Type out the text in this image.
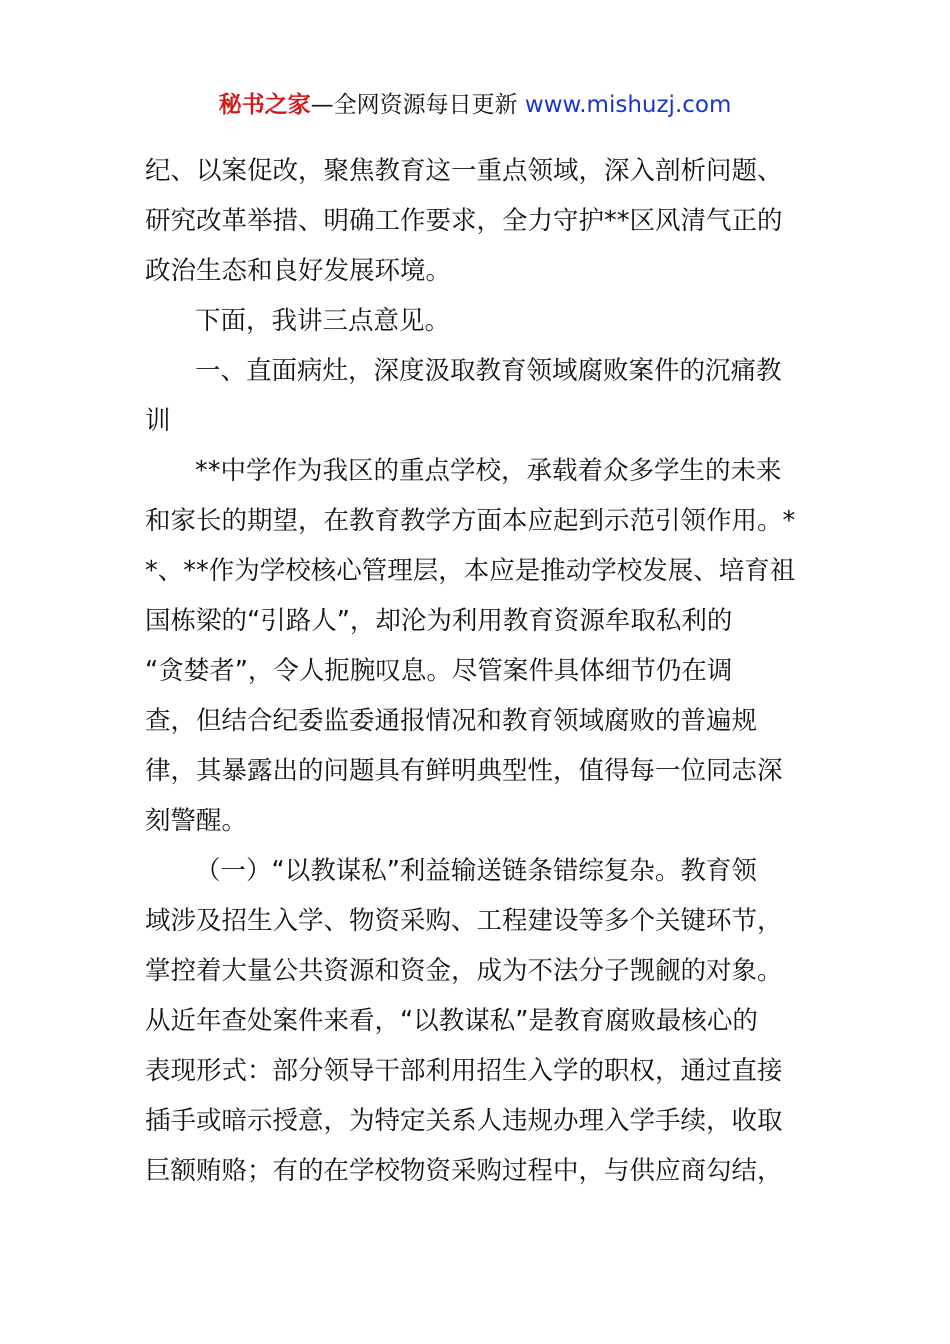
秘书之家—全网资源每日更新 www.mishuzj.com
纪、以案促改，聚焦教育这一重点领域，深入剖析问题、
研究改革举措、明确工作要求，全力守护**区风清气正的
政治生态和良好发展环境。
下面，我讲三点意见。
一、直面病灶，深度汲取教育领域腐败案件的沉痛教
训
**中学作为我区的重点学校，承载着众多学生的未来
和家长的期望，在教育教学方面本应起到示范引领作用。*
*、**作为学校核心管理层，本应是推动学校发展、培育祖
国栋梁的“引路人”，却沦为利用教育资源牟取私利的
“贪婪者”，令人扼腕叹息。尽管案件具体细节仍在调
查，但结合纪委监委通报情况和教育领域腐败的普遍规
律，其暴露出的问题具有鲜明典型性，值得每一位同志深
刻警醒。
（一）“以教谋私”利益输送链条错综复杂。教育领
域涉及招生入学、物资采购、工程建设等多个关键环节，
掌控着大量公共资源和资金，成为不法分子觊觎的对象。
从近年查处案件来看，“以教谋私”是教育腐败最核心的
表现形式：部分领导干部利用招生入学的职权，通过直接
插手或暗示授意，为特定关系人违规办理入学手续，收取
巨额贿赂；有的在学校物资采购过程中，与供应商勾结，
